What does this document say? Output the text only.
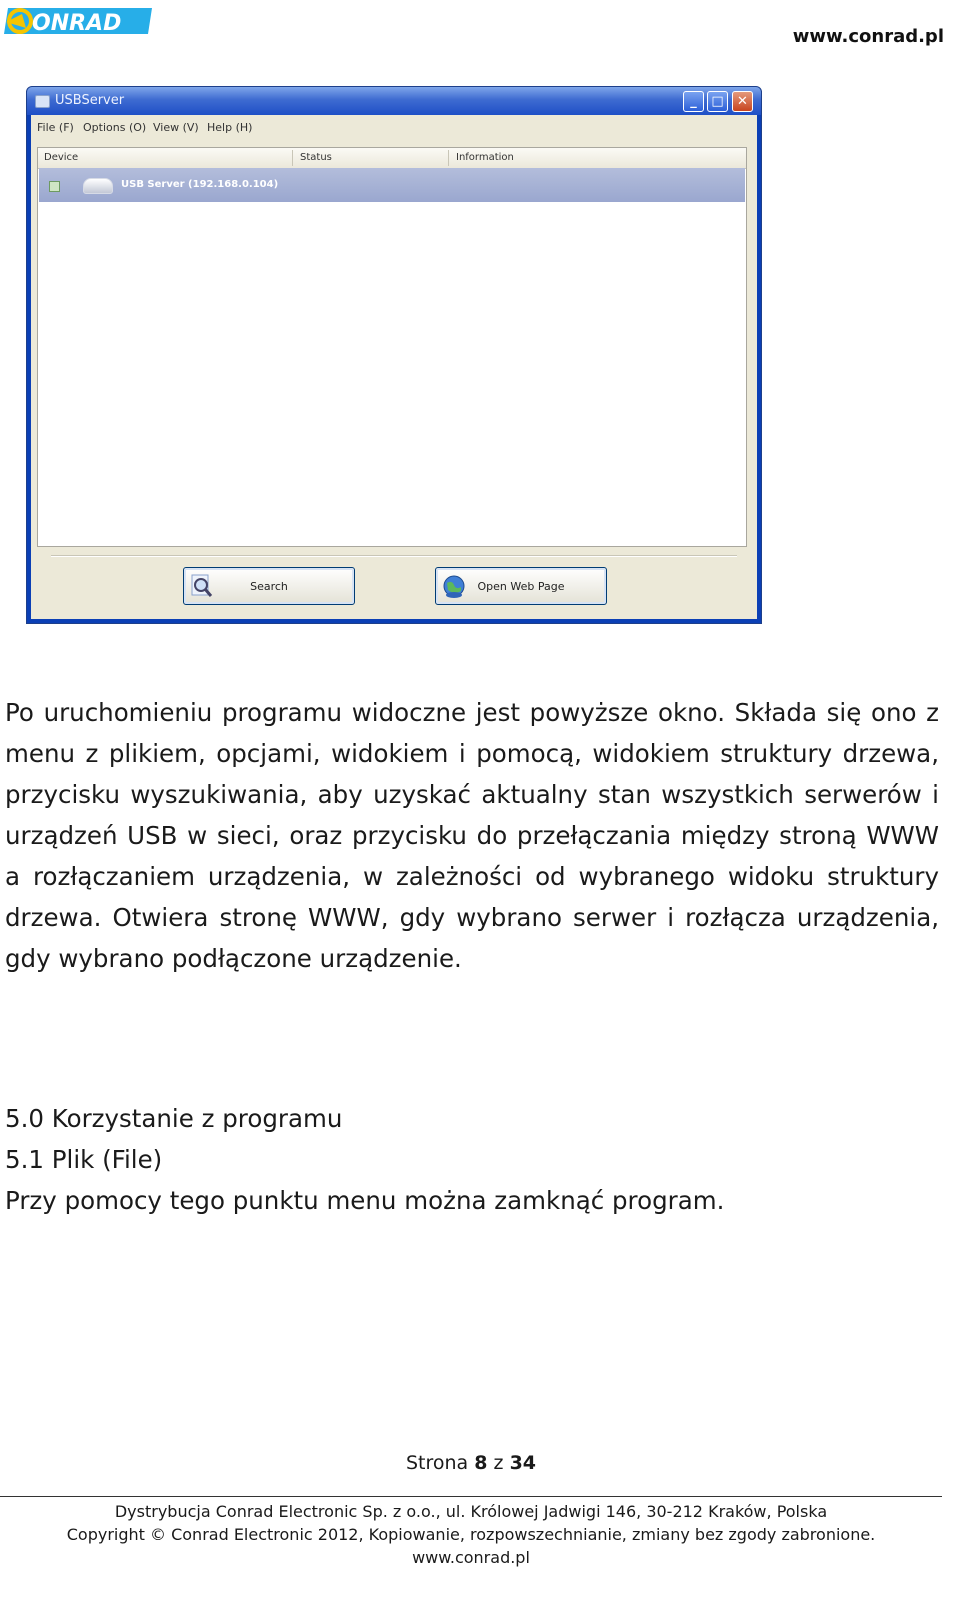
ONRAD
www.conrad.pl
USBServer	_	□	✕
File (F) Options (O) View (V) Help (H)
Device	Status	Information
USB Server (192.168.0.104)
Search	Open Web Page

Po uruchomieniu programu widoczne jest powyższe okno. Składa się ono z menu z plikiem, opcjami, widokiem i pomocą, widokiem struktury drzewa, przycisku wyszukiwania, aby uzyskać aktualny stan wszystkich serwerów i urządzeń USB w sieci, oraz przycisku do przełączania między stroną WWW a rozłączaniem urządzenia, w zależności od wybranego widoku struktury drzewa. Otwiera stronę WWW, gdy wybrano serwer i rozłącza urządzenia, gdy wybrano podłączone urządzenie.

5.0 Korzystanie z programu
5.1 Plik (File)
Przy pomocy tego punktu menu można zamknąć program.
Strona 8 z 34
Dystrybucja Conrad Electronic Sp. z o.o., ul. Królowej Jadwigi 146, 30-212 Kraków, Polska
Copyright © Conrad Electronic 2012, Kopiowanie, rozpowszechnianie, zmiany bez zgody zabronione.
www.conrad.pl
